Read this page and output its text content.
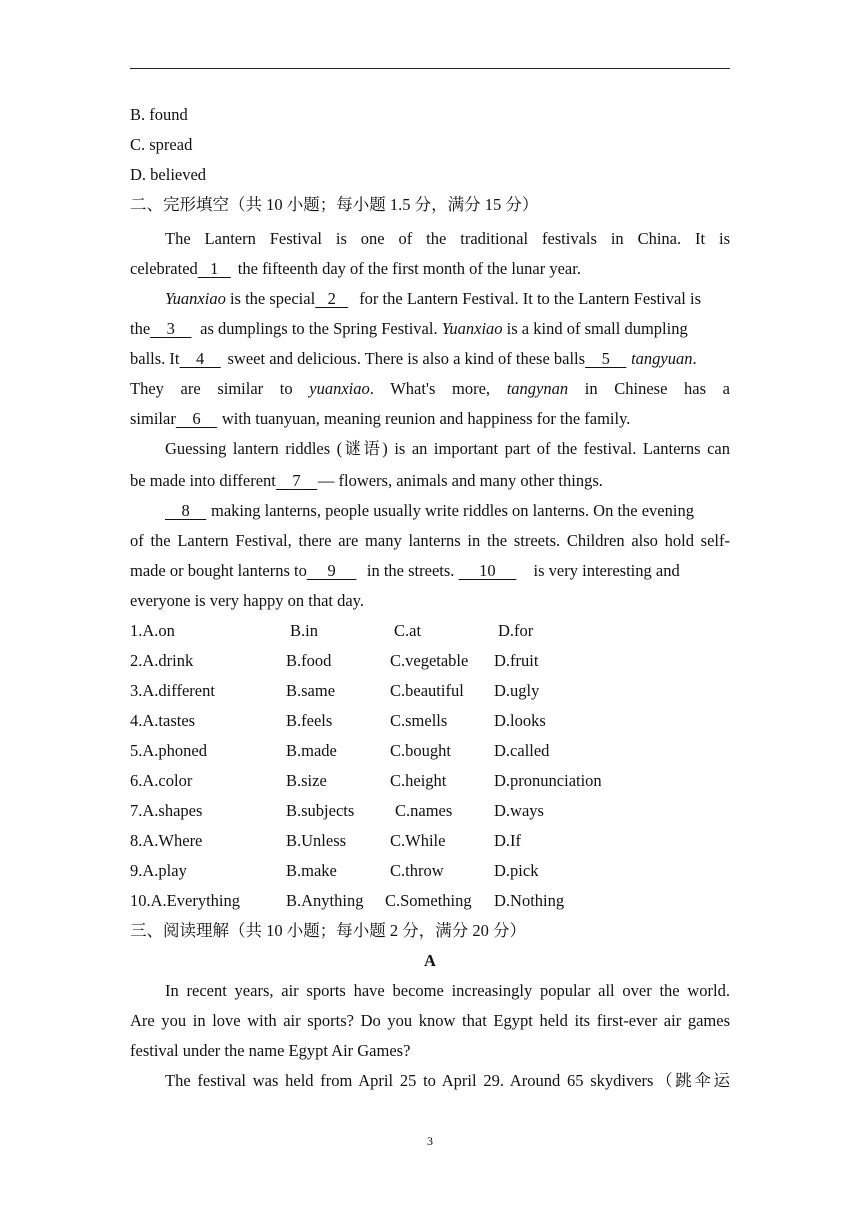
B. found
C. spread
D. believed
二、完形填空（共 10 小题；每小题 1.5 分，满分 15 分）
The Lantern Festival is one of the traditional festivals in China. It is
celebrated 1 the fifteenth day of the first month of the lunar year.
Yuanxiao is the special 2 for the Lantern Festival. It to the Lantern Festival is
the 3 as dumplings to the Spring Festival. Yuanxiao is a kind of small dumpling
balls. It 4 sweet and delicious. There is also a kind of these balls 5 tangyuan.
They are similar to yuanxiao. What's more, tangynan in Chinese has a
similar 6 with tuanyuan, meaning reunion and happiness for the family.
Guessing lantern riddles (谜语) is an important part of the festival. Lanterns can
be made into different 7 — flowers, animals and many other things.
8 making lanterns, people usually write riddles on lanterns. On the evening
of the Lantern Festival, there are many lanterns in the streets. Children also hold self-
made or bought lanterns to 9 in the streets.      10 is very interesting and
everyone is very happy on that day.
1.A.on	B.in	C.at	D.for
2.A.drink	B.food	C.vegetable D.fruit
3.A.different	B.same	C.beautiful D.ugly
4.A.tastes	B.feels	C.smells	D.looks
5.A.phoned	B.made	C.bought	D.called
6.A.color	B.size	C.height	D.pronunciation
7.A.shapes	B.subjects C.names	D.ways
8.A.Where	B.Unless	C.While	D.If
9.A.play	B.make	C.throw	D.pick
10.A.Everything	B.Anything C.Something D.Nothing
三、阅读理解（共 10 小题；每小题 2 分，满分 20 分）
A
In recent years, air sports have become increasingly popular all over the world.
Are you in love with air sports? Do you know that Egypt held its first-ever air games
festival under the name Egypt Air Games?
The festival was held from April 25 to April 29. Around 65 skydivers（跳伞运
3
